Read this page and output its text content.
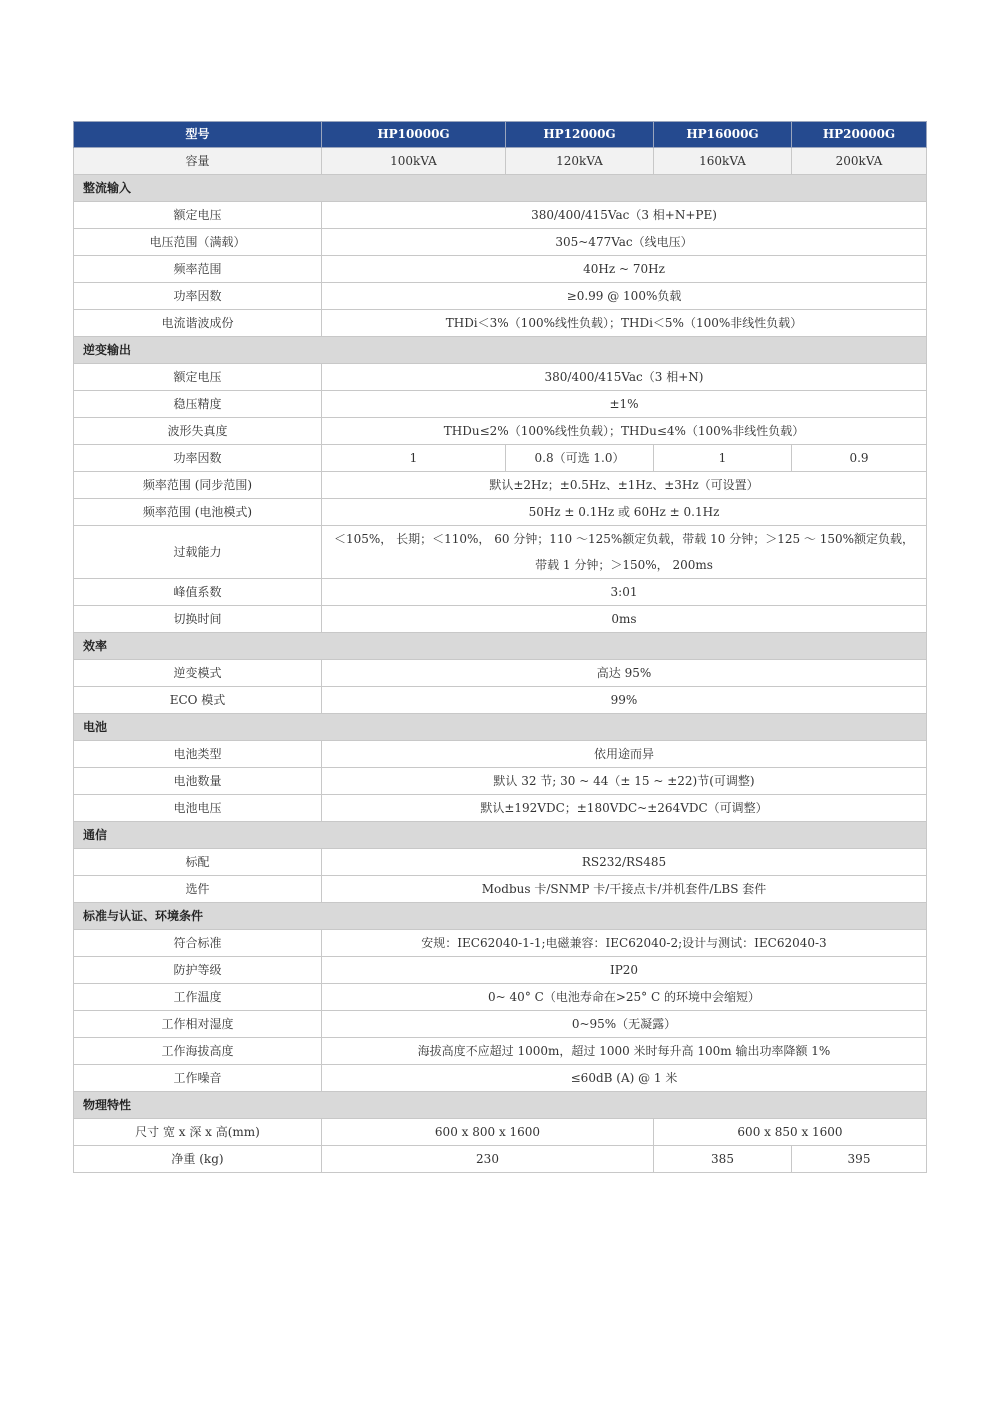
型号	HP10000G	HP12000G	HP16000G	HP20000G
容量	100kVA	120kVA	160kVA	200kVA
整流输入				
额定电压	380/400/415Vac（3 相+N+PE)			
电压范围（满载）	305~477Vac（线电压）			
频率范围	40Hz ~ 70Hz			
功率因数	≥0.99 @ 100%负载			
电流谐波成份	THDi＜3%（100%线性负载）；THDi＜5%（100%非线性负载）			
逆变输出				
额定电压	380/400/415Vac（3 相+N)			
稳压精度	±1%			
波形失真度	THDu≤2%（100%线性负载）；THDu≤4%（100%非线性负载）			
功率因数	1	0.8（可选 1.0）	1	0.9
频率范围 (同步范围)	默认±2Hz；±0.5Hz、±1Hz、±3Hz（可设置）			
频率范围 (电池模式)	50Hz ± 0.1Hz 或 60Hz ± 0.1Hz			
过载能力	＜105%， 长期；＜110%， 60 分钟；110 ～125%额定负载，带载 10 分钟；＞125 ～ 150%额定负载，带载 1 分钟；＞150%， 200ms			
峰值系数	3:01			
切换时间	0ms			
效率				
逆变模式	高达 95%			
ECO 模式	99%			
电池				
电池类型	依用途而异			
电池数量	默认 32 节; 30 ~ 44（± 15 ~ ±22)节(可调整)			
电池电压	默认±192VDC；±180VDC~±264VDC（可调整）			
通信				
标配	RS232/RS485			
选件	Modbus 卡/SNMP 卡/干接点卡/并机套件/LBS 套件			
标准与认证、环境条件				
符合标准	安规：IEC62040-1-1;电磁兼容：IEC62040-2;设计与测试：IEC62040-3			
防护等级	IP20			
工作温度	0~ 40° C（电池寿命在>25° C 的环境中会缩短）			
工作相对湿度	0~95%（无凝露）			
工作海拔高度	海拔高度不应超过 1000m，超过 1000 米时每升高 100m 输出功率降额 1%			
工作噪音	≤60dB (A) @ 1 米			
物理特性				
尺寸 宽 x 深 x 高(mm)	600 x 800 x 1600		600 x 850 x 1600	
净重 (kg)	230		385	395
